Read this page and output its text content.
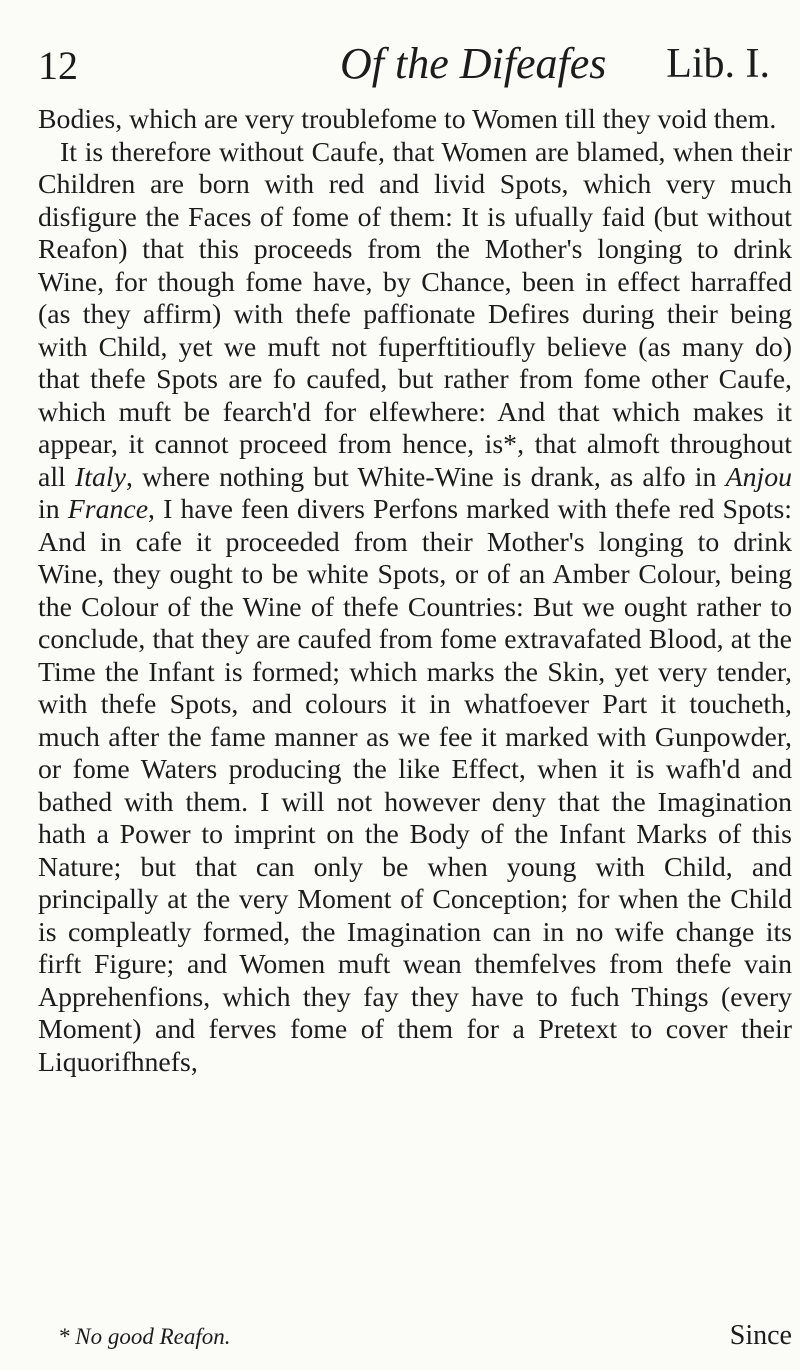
12	Of the Difeafes Lib. I.

Bodies, which are very troublefome to Women till they void them.

It is therefore without Caufe, that Women are blamed, when their Children are born with red and livid Spots, which very much disfigure the Faces of fome of them: It is ufually faid (but without Reafon) that this proceeds from the Mother's longing to drink Wine, for though fome have, by Chance, been in effect harraffed (as they affirm) with thefe paffionate Defires during their being with Child, yet we muft not fuperftitioufly believe (as many do) that thefe Spots are fo caufed, but rather from fome other Caufe, which muft be fearch'd for elfewhere: And that which makes it appear, it cannot proceed from hence, is*, that almoft throughout all Italy, where nothing but White-Wine is drank, as alfo in Anjou in France, I have feen divers Perfons marked with thefe red Spots: And in cafe it proceeded from their Mother's longing to drink Wine, they ought to be white Spots, or of an Amber Colour, being the Colour of the Wine of thefe Countries: But we ought rather to conclude, that they are caufed from fome extravafated Blood, at the Time the Infant is formed; which marks the Skin, yet very tender, with thefe Spots, and colours it in whatfoever Part it toucheth, much after the fame manner as we fee it marked with Gunpowder, or fome Waters producing the like Effect, when it is wafh'd and bathed with them. I will not however deny that the Imagination hath a Power to imprint on the Body of the Infant Marks of this Nature; but that can only be when young with Child, and principally at the very Moment of Conception; for when the Child is compleatly formed, the Imagination can in no wife change its firft Figure; and Women muft wean themfelves from thefe vain Apprehenfions, which they fay they have to fuch Things (every Moment) and ferves fome of them for a Pretext to cover their Liquorifhnefs,

* No good Reafon.	Since
